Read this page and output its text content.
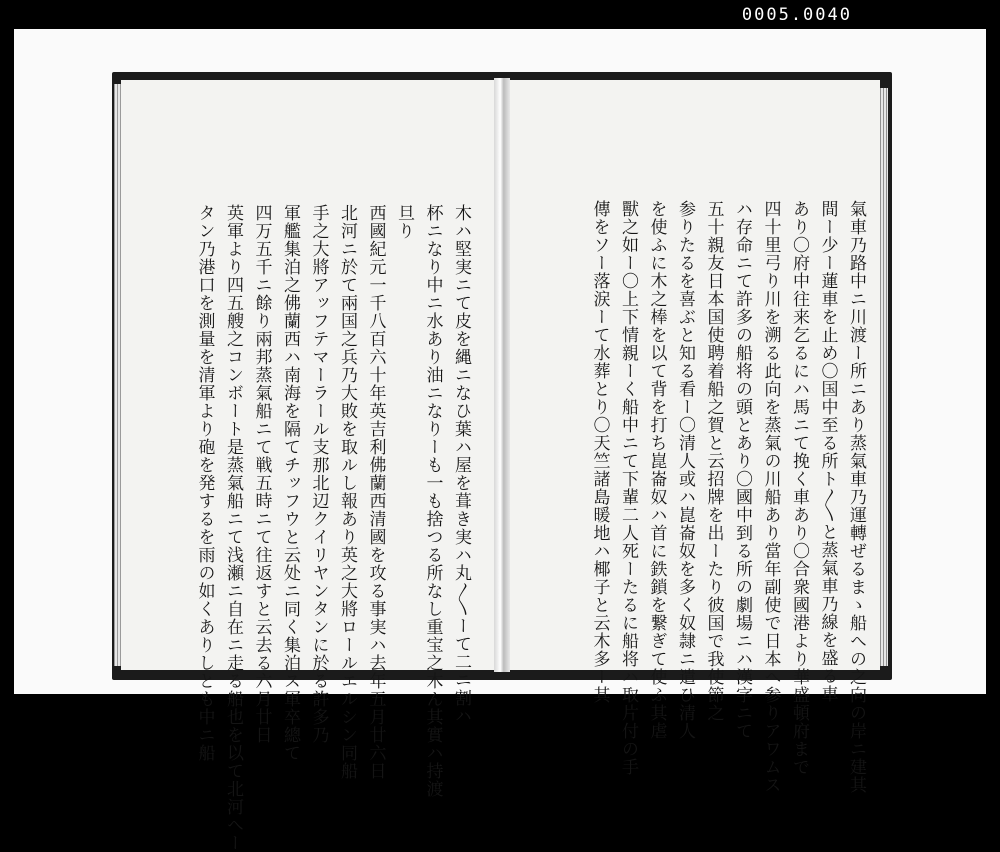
0005.0040
木ハ堅実ニて皮を縄ニなひ葉ハ屋を葺き実ハ丸〳〵ーて二ニ割ハ
杯ニなり中ニ水あり油ニなりーも一も捨つる所なし重宝之木ん其實ハ持渡
旦り
西國紀元一千八百六十年英吉利佛蘭西清國を攻る事実ハ去年五月廿六日
北河ニ於て兩国之兵乃大敗を取ルし報あり英之大將ロールエルシン同船
手之大將アッフテマーラール支那北辺クイリヤンタンに於る許多乃
軍艦集泊之佛蘭西ハ南海を隔てチッフウと云处ニ同く集泊ス軍卒總て
四万五千ニ餘り兩邦蒸氣船ニて戦五時ニて往返すと云去る六月廿日
英軍より四五艘之コンボート是蒸氣船ニて浅瀬ニ自在ニ走る船也を以て北河へー
タン乃港口を測量を清軍より砲を発するを雨の如くありしとも中ニ船	氣車乃路中ニ川渡ー所ニあり蒸氣車乃運轉ぜるまゝ船への之向の岸ニ建其
間ー少ー蓮車を止め〇国中至る所ト〳〵と蒸氣車乃線を盛る車
あり〇府中往来乞るにハ馬ニて挽く車あり〇合衆國港より華盛頓府まで
四十里弓り川を溯る此向を蒸氣の川船あり當年副使で日本へ参りアワムス
ハ存命ニて許多の船将の頭とあり〇國中到る所の劇場ニハ漢字ニて
五十親友日本国使聘着船之賀と云招牌を出ーたり彼国で我使節之
参りたるを喜ぶと知る看ー〇清人或ハ崑崙奴を多く奴隷ニ遣ひ清人
を使ふに木之棒を以て背を打ち崑崙奴ハ首に鉄鎖を繋ぎて使ふ其虐
獸之如ー〇上下情親ーく船中ニて下輩二人死ーたるに船将ハ取片付の手
傳をソー落涙ーて水葬とり〇天竺諸島暖地ハ椰子と云木多ー其
